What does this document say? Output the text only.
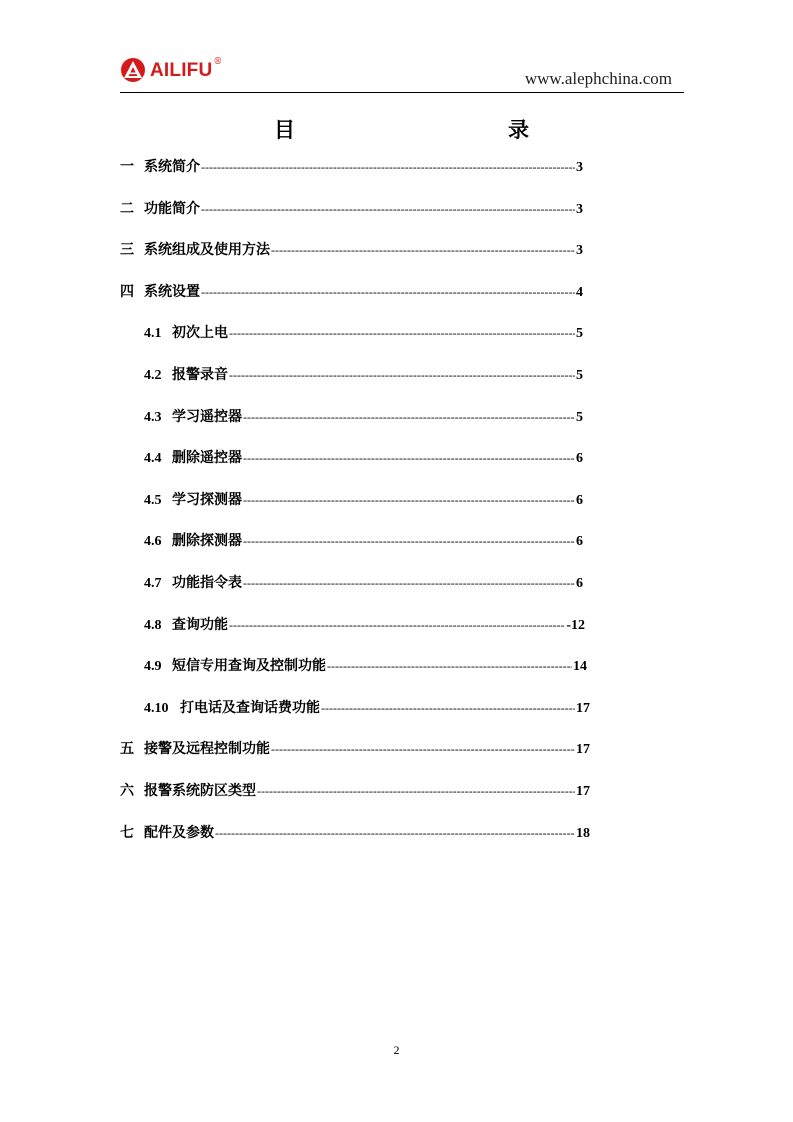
AILIFU ®
www.alephchina.com
目	录
一 系统简介 -----	3
二 功能简介 -----	3
三 系统组成及使用方法 -----	3
四 系统设置 -----	4
4.1 初次上电 -----	5
4.2 报警录音 -----	5
4.3 学习遥控器 -----	5
4.4 删除遥控器 -----	6
4.5 学习探测器 -----	6
4.6 删除探测器 -----	6
4.7 功能指令表 -----	6
4.8 查询功能 -----	-12
4.9 短信专用查询及控制功能 -----	14
4.10 打电话及查询话费功能 -----	17
五 接警及远程控制功能 -----	17
六 报警系统防区类型 -----	17
七 配件及参数 -----	18
2
